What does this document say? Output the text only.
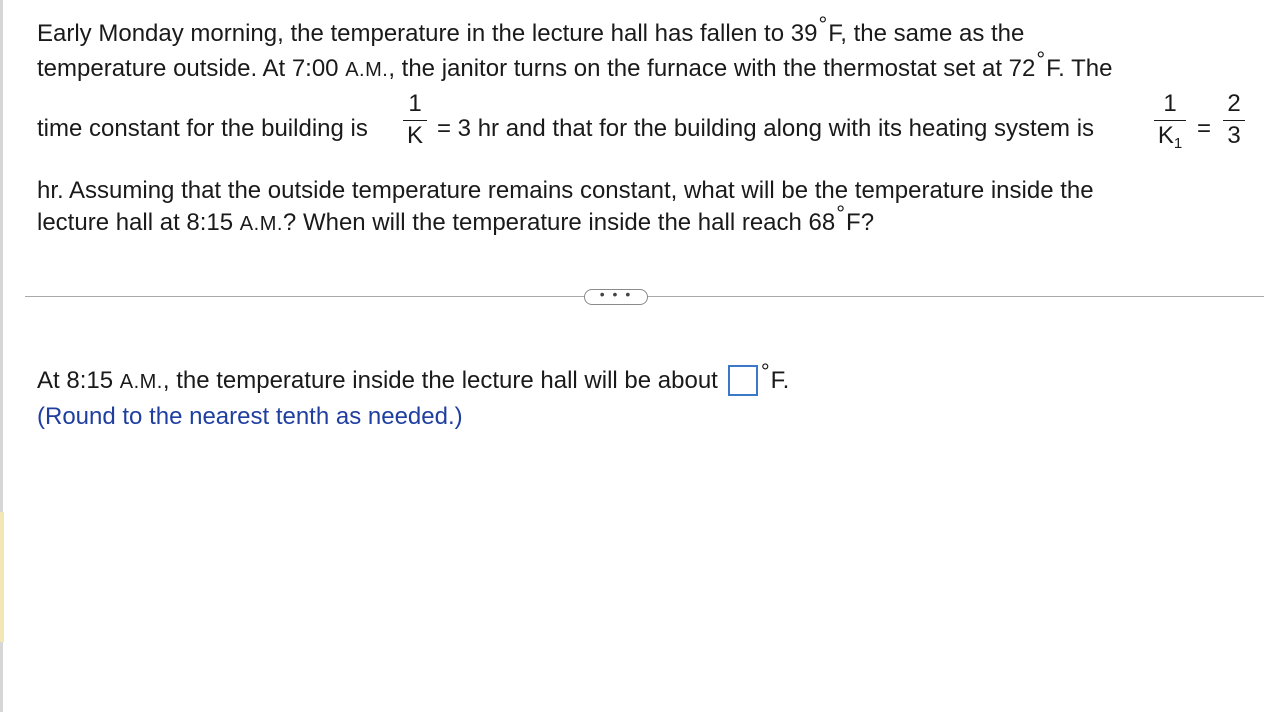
Early Monday morning, the temperature in the lecture hall has fallen to 39°F, the same as the
temperature outside. At 7:00 A.M., the janitor turns on the furnace with the thermostat set at 72°F. The
time constant for the building is
1
K = 3 hr and that for the building along with its heating system is
1
$K_1$
=
2
3
hr. Assuming that the outside temperature remains constant, what will be the temperature inside the
lecture hall at 8:15 A.M.? When will the temperature inside the hall reach 68°F?
• • •
At 8:15 A.M., the temperature inside the lecture hall will be about °F.
(Round to the nearest tenth as needed.)
